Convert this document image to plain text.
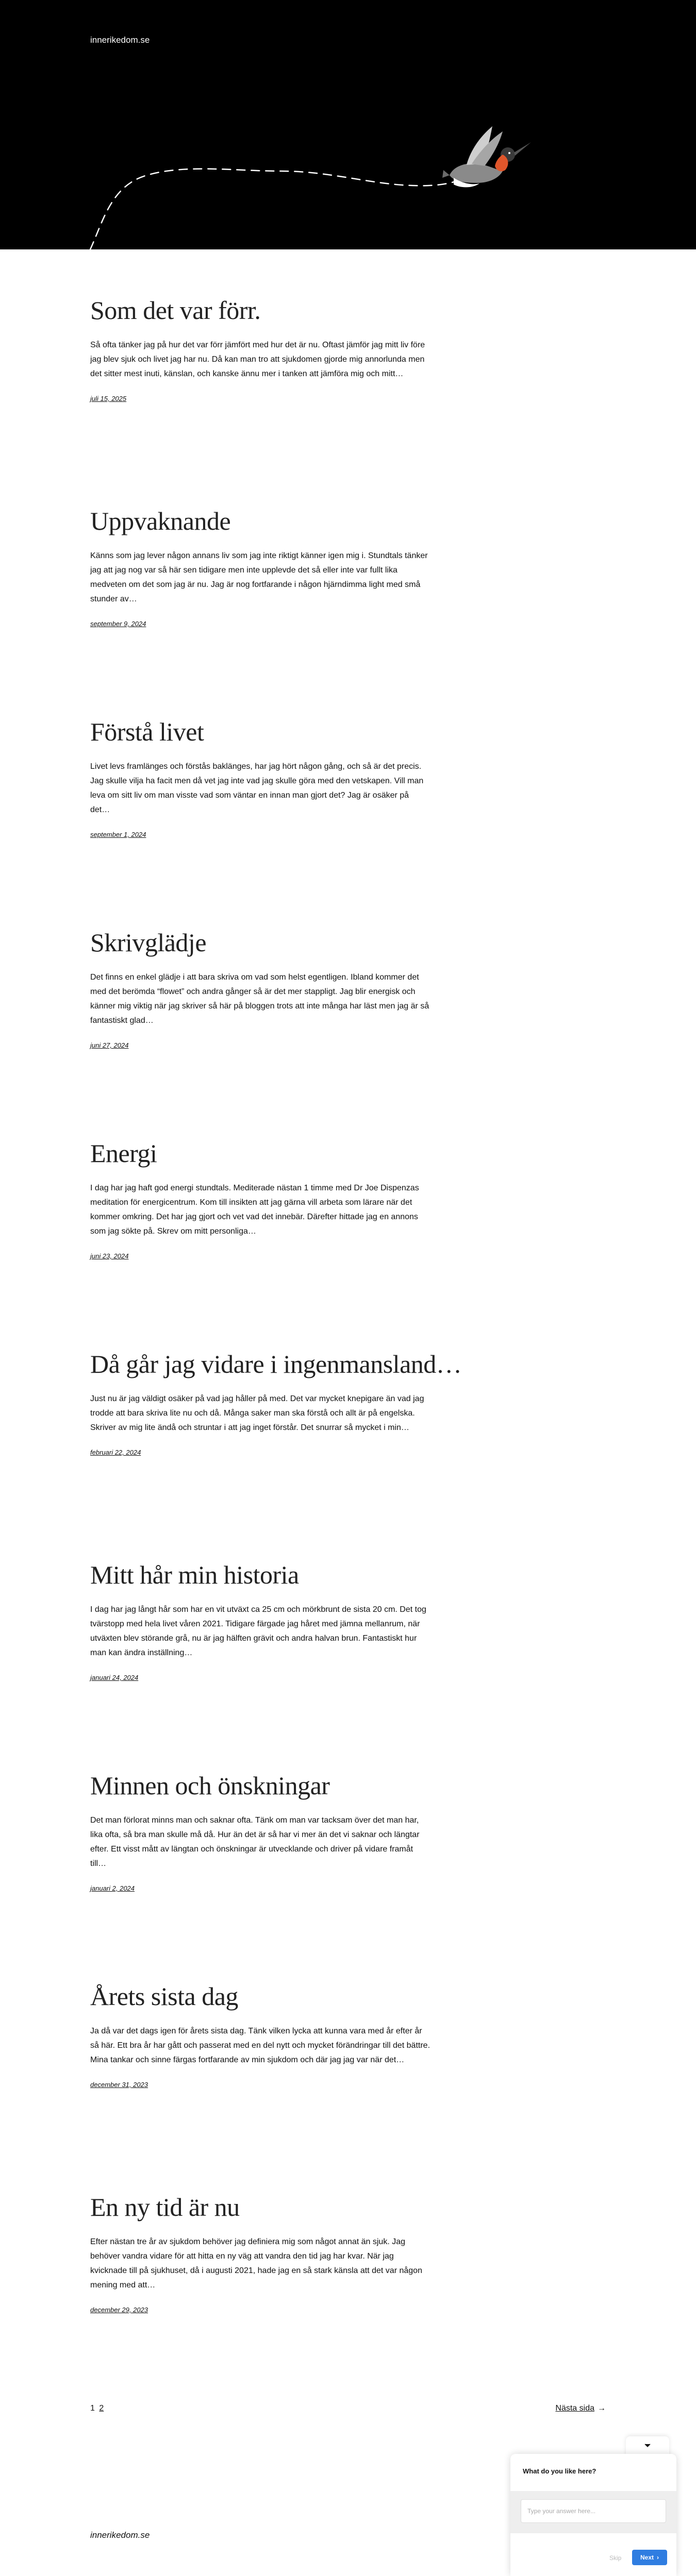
innerikedom.se
Som det var förr.

Så ofta tänker jag på hur det var förr jämfört med hur det är nu. Oftast jämför jag mitt liv före jag blev sjuk och livet jag har nu. Då kan man tro att sjukdomen gjorde mig annorlunda men det sitter mest inuti, känslan, och kanske ännu mer i tanken att jämföra mig och mitt…

juli 15, 2025
Uppvaknande

Känns som jag lever någon annans liv som jag inte riktigt känner igen mig i. Stundtals tänker jag att jag nog var så här sen tidigare men inte upplevde det så eller inte var fullt lika medveten om det som jag är nu. Jag är nog fortfarande i någon hjärndimma light med små stunder av…

september 9, 2024
Förstå livet

Livet levs framlänges och förstås baklänges, har jag hört någon gång, och så är det precis. Jag skulle vilja ha facit men då vet jag inte vad jag skulle göra med den vetskapen. Vill man leva om sitt liv om man visste vad som väntar en innan man gjort det? Jag är osäker på det…

september 1, 2024
Skrivglädje

Det finns en enkel glädje i att bara skriva om vad som helst egentligen. Ibland kommer det med det berömda “flowet” och andra gånger så är det mer stappligt. Jag blir energisk och känner mig viktig när jag skriver så här på bloggen trots att inte många har läst men jag är så fantastiskt glad…

juni 27, 2024
Energi

I dag har jag haft god energi stundtals. Mediterade nästan 1 timme med Dr Joe Dispenzas meditation för energicentrum. Kom till insikten att jag gärna vill arbeta som lärare när det kommer omkring. Det har jag gjort och vet vad det innebär. Därefter hittade jag en annons som jag sökte på. Skrev om mitt personliga…

juni 23, 2024
Då går jag vidare i ingenmansland…

Just nu är jag väldigt osäker på vad jag håller på med. Det var mycket knepigare än vad jag trodde att bara skriva lite nu och då. Många saker man ska förstå och allt är på engelska. Skriver av mig lite ändå och struntar i att jag inget förstår. Det snurrar så mycket i min…

februari 22, 2024
Mitt hår min historia

I dag har jag långt hår som har en vit utväxt ca 25 cm och mörkbrunt de sista 20 cm. Det tog tvärstopp med hela livet våren 2021. Tidigare färgade jag håret med jämna mellanrum, när utväxten blev störande grå, nu är jag hälften grävit och andra halvan brun. Fantastiskt hur man kan ändra inställning…

januari 24, 2024
Minnen och önskningar

Det man förlorat minns man och saknar ofta. Tänk om man var tacksam över det man har, lika ofta, så bra man skulle må då. Hur än det är så har vi mer än det vi saknar och längtar efter. Ett visst mått av längtan och önskningar är utvecklande och driver på vidare framåt till…

januari 2, 2024
Årets sista dag

Ja då var det dags igen för årets sista dag. Tänk vilken lycka att kunna vara med år efter år så här. Ett bra år har gått och passerat med en del nytt och mycket förändringar till det bättre. Mina tankar och sinne färgas fortfarande av min sjukdom och där jag jag var när det…

december 31, 2023
En ny tid är nu

Efter nästan tre år av sjukdom behöver jag definiera mig som något annat än sjuk. Jag behöver vandra vidare för att hitta en ny väg att vandra den tid jag har kvar. När jag kvicknade till på sjukhuset, då i augusti 2021, hade jag en så stark känsla att det var någon mening med att…

december 29, 2023
1 2	Nästa sida →
innerikedom.se
What do you like here?
Type your answer here...
Skip	Next ›
